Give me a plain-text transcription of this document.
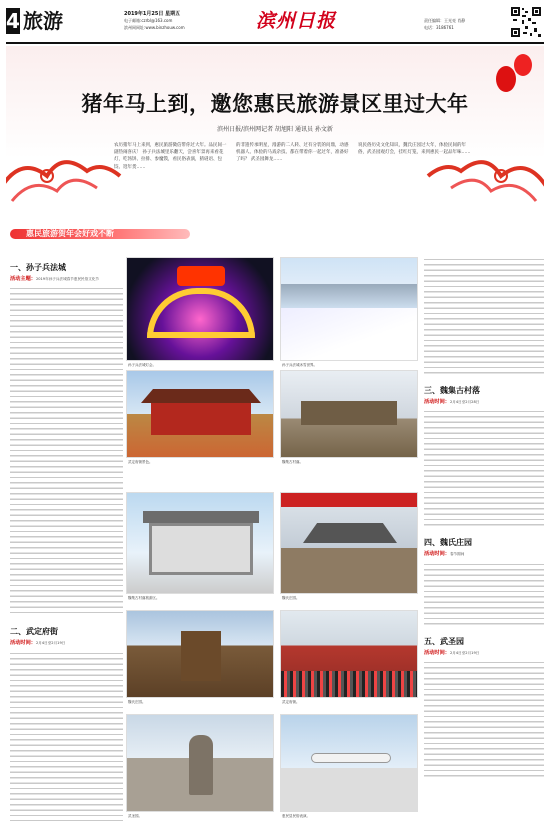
4 旅游	2019年1月25日 星期五
电子邮箱:czrbl@163.com
滨州网网址:www.binzhouw.com	滨州日报	责任编辑：王光亮 肖静
电话：3186761
猪年马上到，邀您惠民旅游景区里过大年
滨州日报/滨州网记者 胡旭阳 通讯员 孙文新
农历猪年马上来到，惠民旅游微信带你过大年。品民间一副热闹喜庆！ 孙子兵法城里乐翻天，尝喜年景再来看花灯，吃汤饼、拉排、参魔馍，看民俗表演，猜谜语、包饺、逛年货……
的非遗传承明星，漫游的二人转、过有分装的问鼎，动感机器人、体验的马戏杂技、都在带着你一起过年，准备好了吗？ 武圣园舞龙……
说民俗历史文化知识，魏氏庄园过大年，体验民间的年俗，武圣园观灯会，挂红灯笼，来到惠民一起品年味……
惠民旅游贺年会好戏不断
一、孙子兵法城
活动主题：2019年孙子兵法城春节惠民民俗文化节
二、武定府街
活动时间：2月4日至2月19日
孙子兵法城灯会。	孙子兵法城冰雪世界。
武定府街景色。	魏集古村落。
魏集古村落旅游区。	魏氏庄园。
魏氏庄园。	武定府街。
武圣园。	惠民县民俗表演。
三、魏集古村落
活动时间：2月4日至2月28日
四、魏氏庄园
活动时间：春节期间
五、武圣园
活动时间：2月4日至2月19日
